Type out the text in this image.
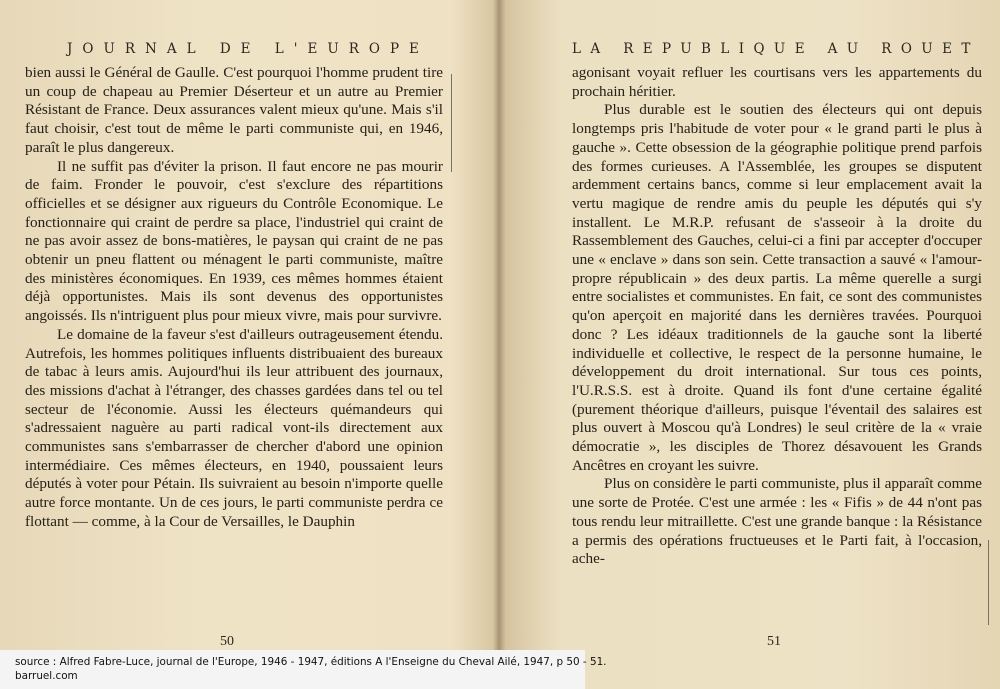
JOURNAL DE L'EUROPE

bien aussi le Général de Gaulle. C'est pourquoi l'homme prudent tire un coup de chapeau au Premier Déserteur et un autre au Premier Résistant de France. Deux assurances valent mieux qu'une. Mais s'il faut choisir, c'est tout de même le parti communiste qui, en 1946, paraît le plus dangereux.

Il ne suffit pas d'éviter la prison. Il faut encore ne pas mourir de faim. Fronder le pouvoir, c'est s'exclure des répartitions officielles et se désigner aux rigueurs du Contrôle Economique. Le fonctionnaire qui craint de perdre sa place, l'industriel qui craint de ne pas avoir assez de bons-matières, le paysan qui craint de ne pas obtenir un pneu flattent ou ménagent le parti communiste, maître des ministères économiques. En 1939, ces mêmes hommes étaient déjà opportunistes. Mais ils sont devenus des opportunistes angoissés. Ils n'intriguent plus pour mieux vivre, mais pour survivre.

Le domaine de la faveur s'est d'ailleurs outrageusement étendu. Autrefois, les hommes politiques influents distribuaient des bureaux de tabac à leurs amis. Aujourd'hui ils leur attribuent des journaux, des missions d'achat à l'étranger, des chasses gardées dans tel ou tel secteur de l'économie. Aussi les électeurs quémandeurs qui s'adressaient naguère au parti radical vont-ils directement aux communistes sans s'embarrasser de chercher d'abord une opinion intermédiaire. Ces mêmes électeurs, en 1940, poussaient leurs députés à voter pour Pétain. Ils suivraient au besoin n'importe quelle autre force montante. Un de ces jours, le parti communiste perdra ce flottant — comme, à la Cour de Versailles, le Dauphin

50
LA REPUBLIQUE AU ROUET

agonisant voyait refluer les courtisans vers les appartements du prochain héritier.

Plus durable est le soutien des électeurs qui ont depuis longtemps pris l'habitude de voter pour « le grand parti le plus à gauche ». Cette obsession de la géographie politique prend parfois des formes curieuses. A l'Assemblée, les groupes se disputent ardemment certains bancs, comme si leur emplacement avait la vertu magique de rendre amis du peuple les députés qui s'y installent. Le M.R.P. refusant de s'asseoir à la droite du Rassemblement des Gauches, celui-ci a fini par accepter d'occuper une « enclave » dans son sein. Cette transaction a sauvé « l'amour-propre républicain » des deux partis. La même querelle a surgi entre socialistes et communistes. En fait, ce sont des communistes qu'on aperçoit en majorité dans les dernières travées. Pourquoi donc ? Les idéaux traditionnels de la gauche sont la liberté individuelle et collective, le respect de la personne humaine, le développement du droit international. Sur tous ces points, l'U.R.S.S. est à droite. Quand ils font d'une certaine égalité (purement théorique d'ailleurs, puisque l'éventail des salaires est plus ouvert à Moscou qu'à Londres) le seul critère de la « vraie démocratie », les disciples de Thorez désavouent les Grands Ancêtres en croyant les suivre.

Plus on considère le parti communiste, plus il apparaît comme une sorte de Protée. C'est une armée : les « Fifis » de 44 n'ont pas tous rendu leur mitraillette. C'est une grande banque : la Résistance a permis des opérations fructueuses et le Parti fait, à l'occasion, ache-

51
source : Alfred Fabre-Luce, journal de l'Europe, 1946 - 1947, éditions A l'Enseigne du Cheval Ailé, 1947, p 50 - 51.
barruel.com
